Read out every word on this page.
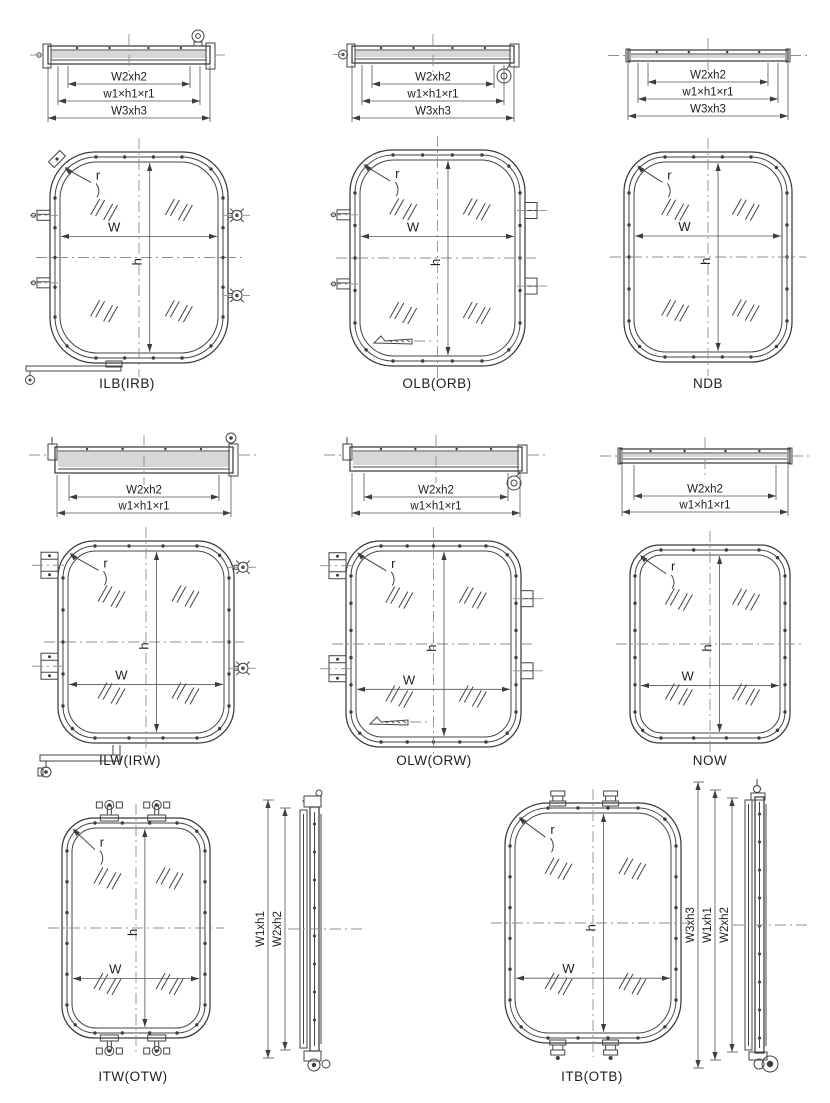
W2xh2
w1×h1×r1
W3xh3
W
h
r
ILB(IRB)
W2xh2
w1×h1×r1
W3xh3
W
h
r
OLB(ORB)
W2xh2
w1×h1×r1
W3xh3
W
h
r
NDB
W2xh2
w1×h1×r1
W
h
r
ILW(IRW)
W2xh2
w1×h1×r1
W
h
r
OLW(ORW)
W2xh2
w1×h1×r1
W
h
r
NOW
W1xh1 W2xh2
W
h
r
ITW(OTW)
W3xh3 W1xh1 W2xh2
W
h
r
ITB(OTB)
